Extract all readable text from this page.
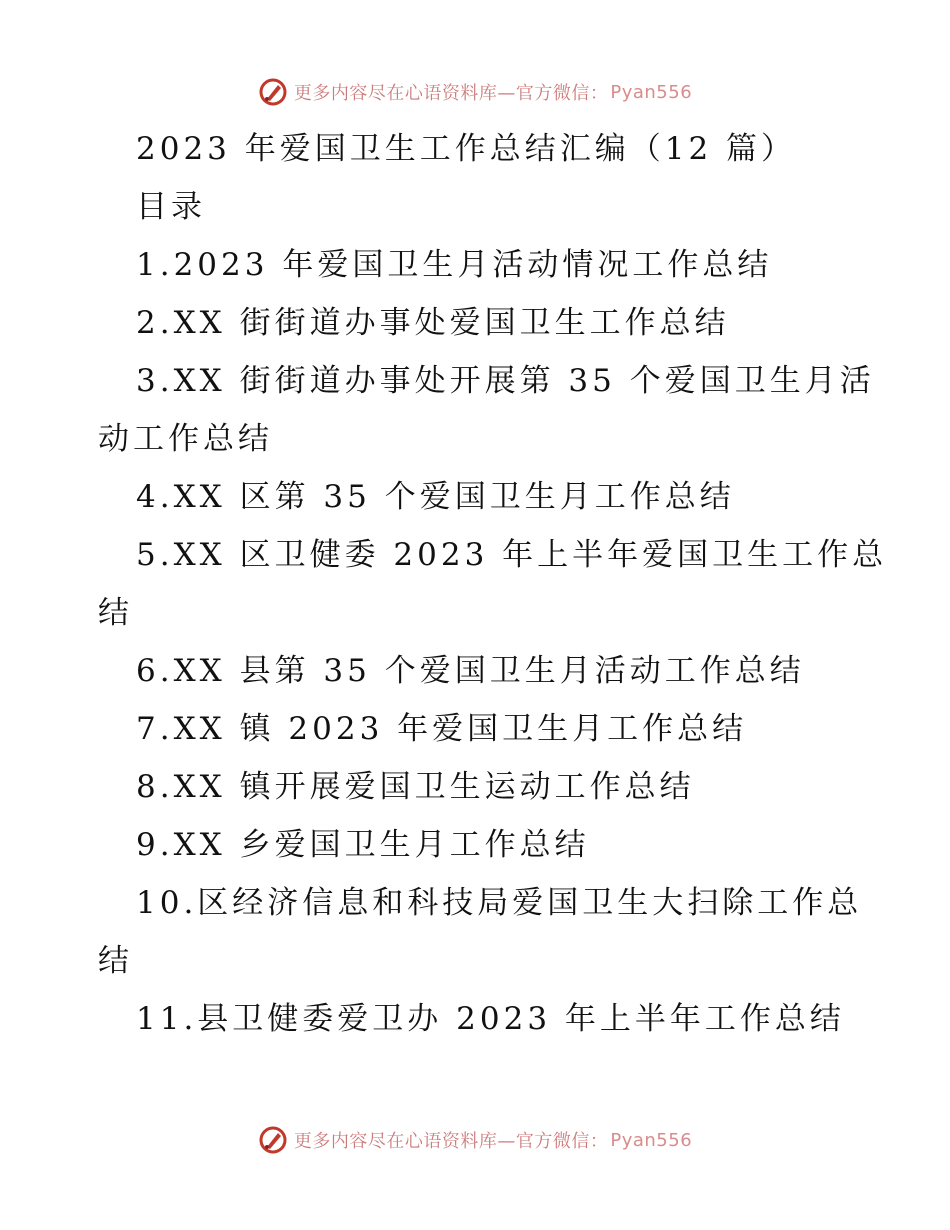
更多内容尽在心语资料库—官方微信： Pyan556

2023 年爱国卫生工作总结汇编（12 篇）

目录

1.2023 年爱国卫生月活动情况工作总结

2.XX 街街道办事处爱国卫生工作总结

3.XX 街街道办事处开展第 35 个爱国卫生月活

动工作总结

4.XX 区第 35 个爱国卫生月工作总结

5.XX 区卫健委 2023 年上半年爱国卫生工作总

结

6.XX 县第 35 个爱国卫生月活动工作总结

7.XX 镇 2023 年爱国卫生月工作总结

8.XX 镇开展爱国卫生运动工作总结

9.XX 乡爱国卫生月工作总结

10.区经济信息和科技局爱国卫生大扫除工作总

结

11.县卫健委爱卫办 2023 年上半年工作总结

更多内容尽在心语资料库—官方微信： Pyan556
